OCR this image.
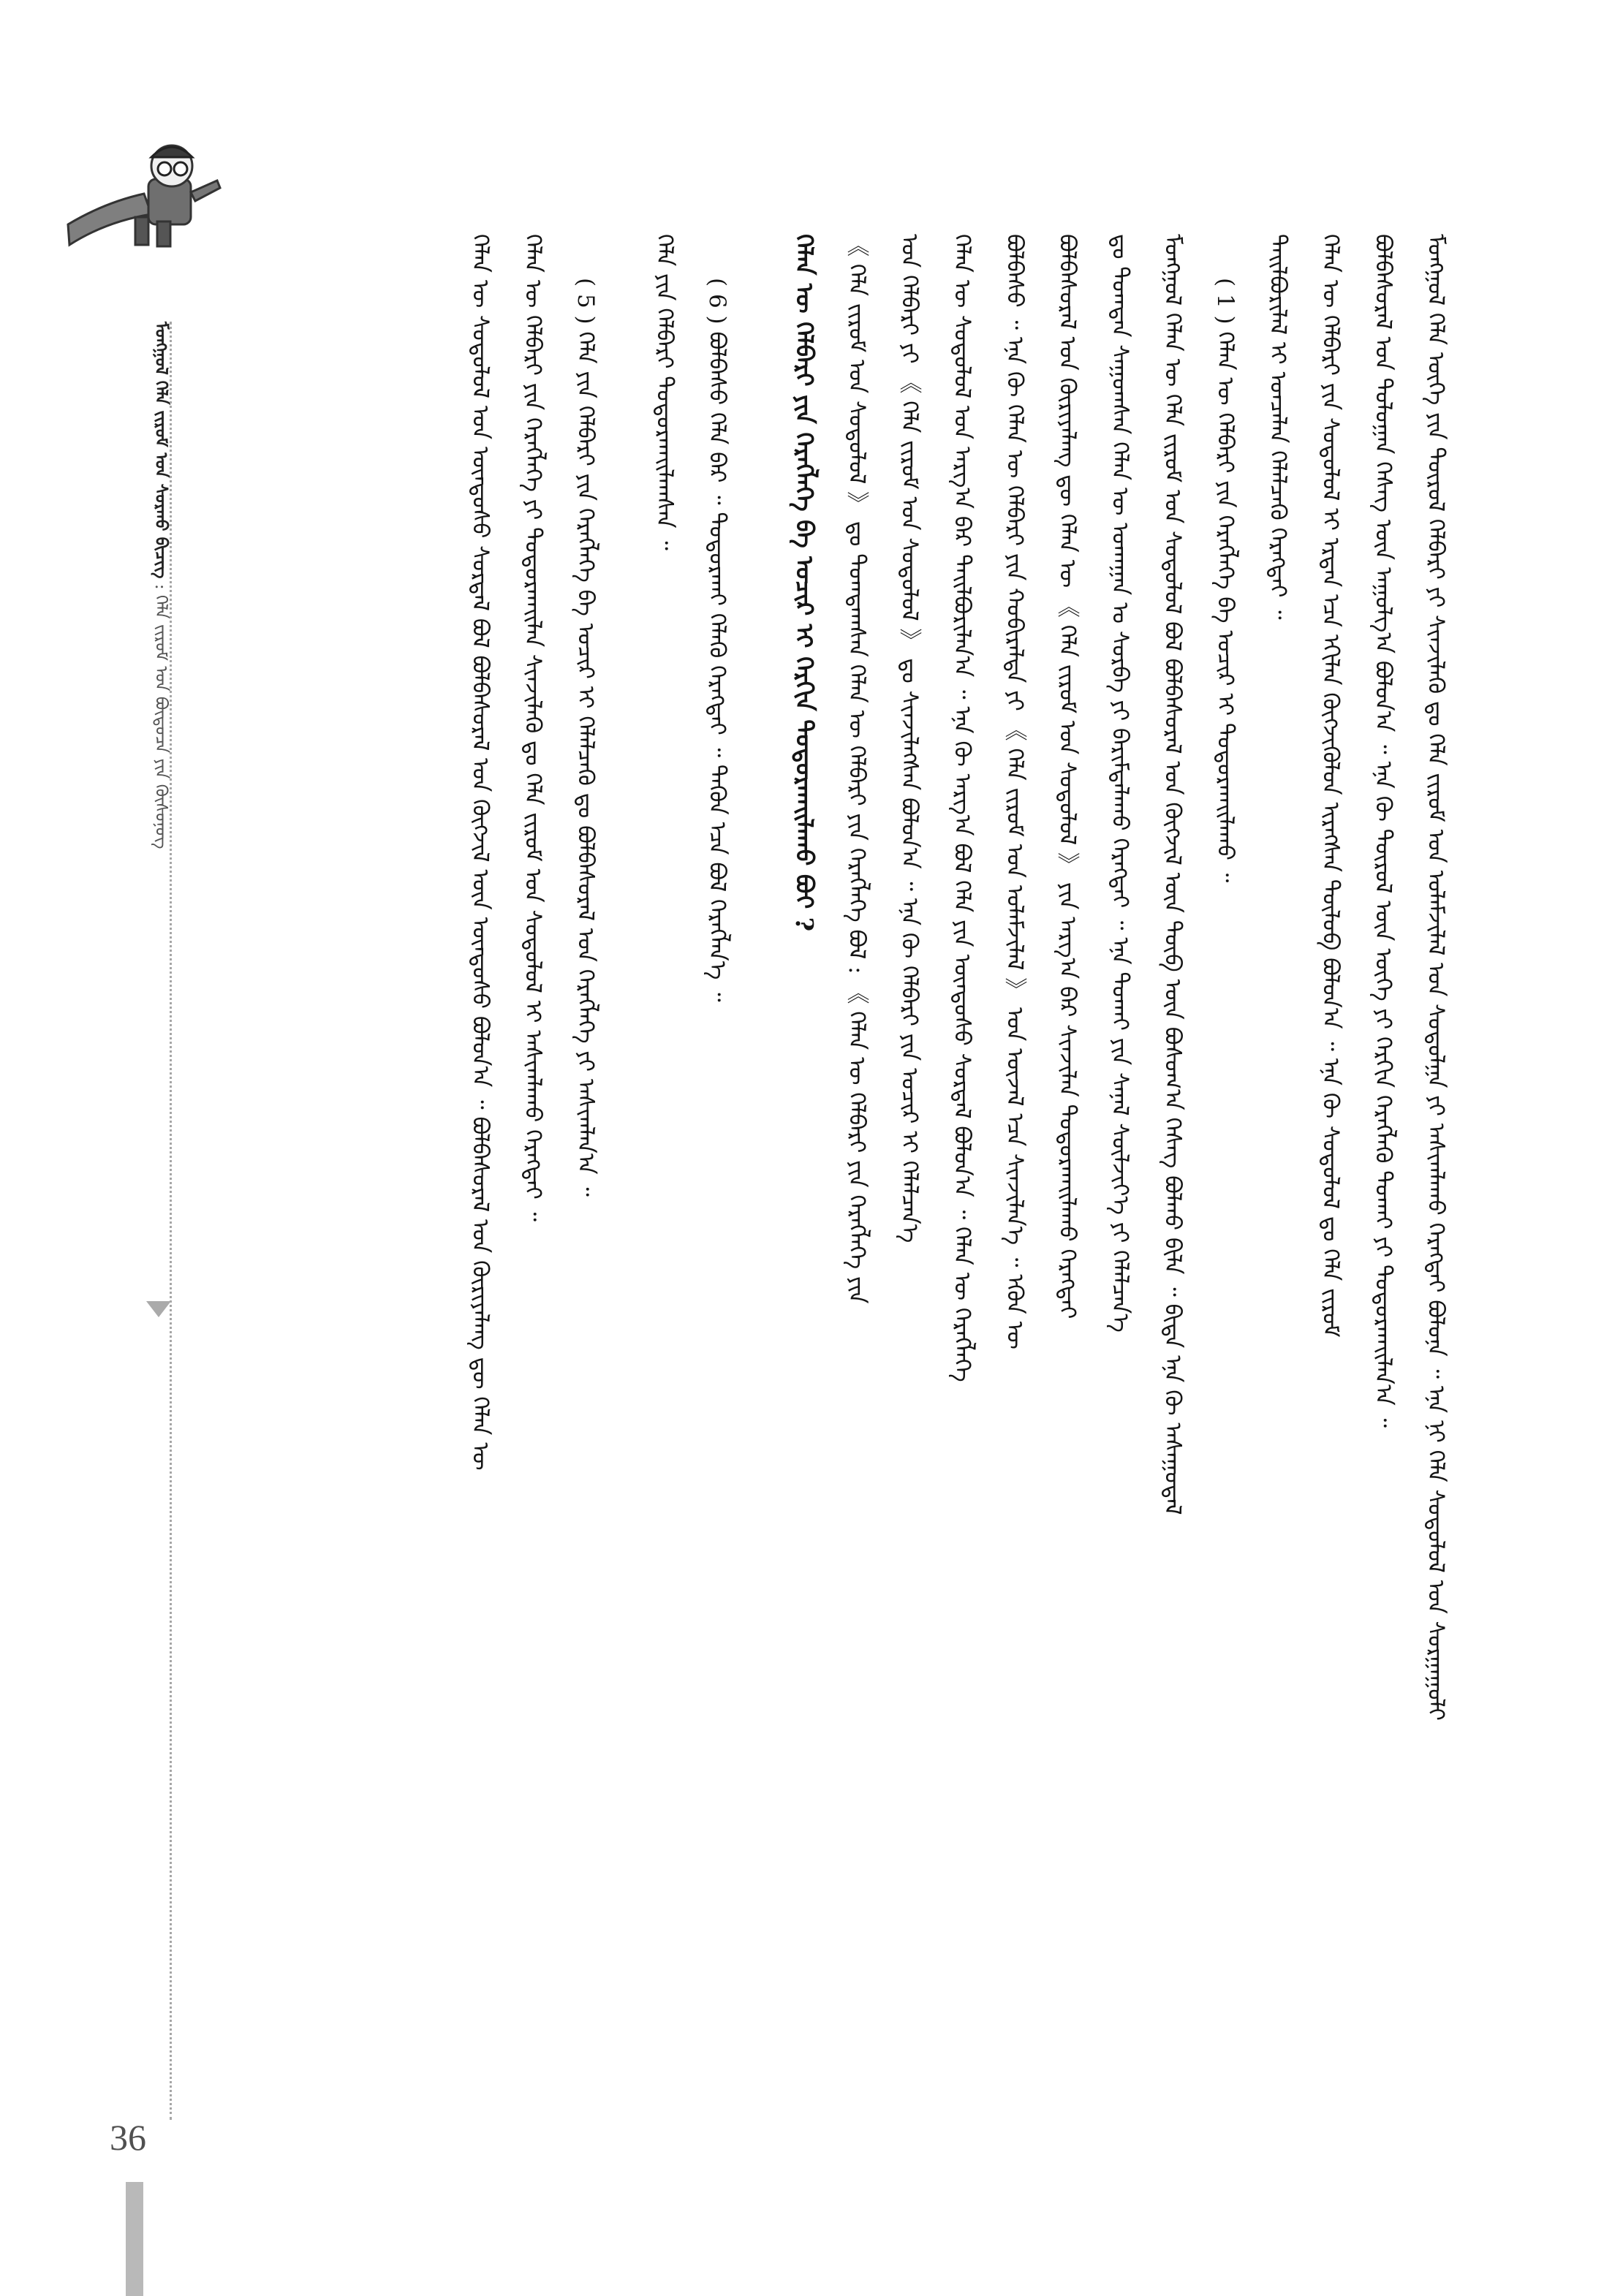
36
ᠮᠣᠩᠭᠣᠯ ᠬᠡᠯᠡ ᠵᠢᠷᠤᠮ ᠤᠨ ᠰᠤᠷᠬᠤ ᠪᠢᠴᠢᠭ : ᠬᠡᠯᠡ ᠵᠢᠷᠤᠮ ᠤᠨ ᠪᠦᠲᠦᠴᠡ ᠶᠢᠨ ᠬᠦᠰᠦᠨᠦᠭ	ᠮᠣᠩᠭᠣᠯ ᠬᠡᠯᠡ ᠦᠭᠡ ᠶᠢᠨ ᠲᠥᠷᠥᠯ ᠬᠡᠯᠪᠡᠷᠢ ᠶᠢ ᠰᠢᠨᠵᠢᠯᠡᠬᠦ ᠳᠤ ᠬᠡᠯᠡ ᠵᠢᠷᠤᠮ ᠤᠨ ᠤᠯᠠᠮᠵᠢᠯᠠᠯ ᠤᠨ ᠰᠤᠳᠤᠯᠭᠠ ᠶᠢ ᠠᠰᠢᠭᠯᠠᠬᠤ ᠬᠡᠷᠡᠭᠲᠡᠢ ᠪᠣᠯᠤᠨᠠ ᠃ ᠡᠨᠡ ᠨᠢ ᠬᠡᠯᠡ ᠰᠤᠳᠤᠯᠤᠯ ᠤᠨ ᠰᠤᠷᠭᠠᠭᠤᠯᠢ
ᠪᠣᠯᠪᠠᠰᠤᠷᠠᠯ ᠤᠨ ᠳᠣᠯᠣᠭᠠᠨ ᠬᠡᠰᠡᠭ ᠦᠨ ᠠᠭᠤᠯᠭ᠎ᠠ ᠪᠣᠯᠤᠨ᠎ᠠ ᠃ ᠡᠨᠡ ᠬᠦ ᠲᠥᠷᠥᠯ ᠦᠨ ᠦᠭᠡ ᠶᠢ ᠬᠡᠷᠬᠢᠨ ᠬᠡᠷᠡᠭᠯᠡᠬᠦ ᠲᠤᠬᠠᠢ ᠶᠢ ᠲᠣᠳᠣᠷᠬᠠᠢᠯᠠᠨ᠎ᠠ ᠃
ᠬᠡᠯᠡᠨ ᠦ ᠬᠡᠯᠪᠡᠷᠢ ᠶᠢᠨ ᠰᠤᠳᠤᠯᠤᠯ ᠢ ᠡᠷᠲᠡᠨ ᠡᠴᠡ ᠡᠬᠢᠯᠡᠨ ᠬᠦᠭᠵᠢᠭᠦᠯᠦᠨ ᠢᠷᠡᠭᠰᠡᠨ ᠲᠥᠯᠥᠪ ᠪᠣᠯᠤᠨ᠎ᠠ ᠃ ᠡᠨᠡ ᠬᠦ ᠰᠤᠳᠤᠯᠤᠯ ᠳᠤ ᠬᠡᠯᠡ ᠵᠢᠷᠤᠮ
ᠲᠠᠢᠯᠪᠤᠷᠢᠯᠠᠯ ᠢ ᠣᠨᠴᠠᠯᠠᠨ ᠬᠡᠯᠡᠯᠴᠡᠬᠦ ᠬᠡᠷᠡᠭᠲᠡᠢ ᠃
( 1 ) ᠬᠡᠯᠡᠨ ᠦ ᠬᠡᠯᠪᠡᠷᠢ ᠶᠢᠨ ᠬᠡᠷᠡᠭᠯᠡᠭᠡ ᠪᠠ ᠤᠴᠢᠷ ᠢ ᠲᠣᠳᠣᠷᠬᠠᠢᠯᠠᠬᠤ ᠃
ᠮᠣᠩᠭᠣᠯ ᠬᠡᠯᠡᠨ ᠦ ᠬᠡᠯᠡ ᠵᠢᠷᠤᠮ ᠤᠨ ᠰᠤᠳᠤᠯᠤᠯ ᠪᠣᠯ ᠪᠣᠯᠪᠠᠰᠤᠷᠠᠯ ᠤᠨ ᠬᠥᠭᠵᠢᠯ ᠦᠨ ᠲᠦᠪ ᠦᠨ ᠪᠣᠰᠤᠭ᠎ᠠ ᠬᠡᠰᠡᠭ ᠪᠣᠯᠬᠤ ᠪᠢᠯᠡ ᠃ ᠪᠢᠳᠡ ᠡᠨᠡ ᠬᠦ ᠠᠰᠠᠭᠤᠳᠠᠯ
ᠳᠤ ᠲᠣᠭᠲᠠᠨ ᠰᠠᠭᠤᠭᠰᠠᠨ ᠬᠡᠯᠡᠨ ᠦ ᠤᠬᠠᠭᠠᠨ ᠤ ᠰᠣᠷᠪᠠ ᠶᠢ ᠪᠠᠷᠢᠮᠲᠠᠯᠠᠬᠤ ᠬᠡᠷᠡᠭᠲᠡᠢ ᠃ ᠡᠨᠡ ᠲᠤᠬᠠᠢ ᠶᠢᠨ ᠰᠠᠨᠠᠯ ᠰᠦᠯᠵᠢᠶ᠎ᠡ ᠶᠢ ᠬᠡᠯᠡᠯᠴᠡᠨ᠎ᠡ
ᠪᠣᠯᠪᠠᠰᠤᠷᠠᠯ ᠤᠨ ᠬᠦᠷᠢᠶᠡᠯᠡᠩ ᠳᠦ ᠬᠡᠯᠡᠨ ᠦ 《 ᠬᠡᠯᠡ ᠵᠢᠷᠤᠮ ᠤᠨ ᠰᠤᠳᠤᠯᠤᠯ 》 ᠶᠢᠨ ᠠᠷᠭ᠎ᠠ ᠪᠠᠷ ᠰᠢᠨᠵᠢᠯᠡᠨ ᠲᠣᠳᠣᠷᠬᠠᠢᠯᠠᠬᠤ ᠬᠡᠷᠡᠭᠲᠡᠢ
ᠪᠣᠯᠪᠠᠰᠤ ᠃ ᠡᠨᠡ ᠬᠦ ᠬᠡᠯᠡᠨ ᠦ ᠬᠡᠯᠪᠡᠷᠢ ᠶᠢᠨ ᠬᠤᠪᠢᠷᠠᠯᠲᠠ ᠶᠢ 《 ᠬᠡᠯᠡ ᠵᠢᠷᠤᠮ ᠤᠨ ᠤᠯᠠᠮᠵᠢᠯᠠᠯ 》 ᠤᠨ ᠦᠵᠡᠯ ᠡᠴᠡ ᠰᠢᠨᠵᠢᠯᠡᠨ᠎ᠡ ᠃ ᠡᠭᠦᠨ ᠦ
ᠬᠡᠯᠡᠨ ᠦ ᠰᠤᠳᠤᠯᠤᠯ ᠤᠨ ᠠᠷᠭ᠎ᠠ ᠪᠠᠷ ᠲᠠᠢᠯᠪᠤᠷᠢᠯᠠᠨ᠎ᠠ ᠃ ᠡᠨᠡ ᠬᠦ ᠠᠷᠭ᠎ᠠ ᠪᠣᠯ ᠬᠡᠯᠡ ᠶᠢᠨ ᠦᠨᠳᠦᠰᠦ ᠰᠤᠷᠲᠠᠯ ᠪᠣᠯᠤᠨ᠎ᠠ ᠃ ᠬᠡᠯᠡᠨ ᠦ ᠬᠡᠷᠡᠭᠯᠡᠭᠡ
ᠤᠨ ᠬᠡᠯᠪᠡᠷᠢ ᠶᠢ 《 ᠬᠡᠯᠡ ᠵᠢᠷᠤᠮ ᠤᠨ ᠰᠤᠳᠤᠯᠤᠯ 》 ᠳᠤ ᠰᠢᠨᠵᠢᠯᠡᠭᠰᠡᠨ ᠪᠣᠯᠤᠨ᠎ᠠ ᠃ ᠡᠨᠡ ᠬᠦ ᠬᠡᠯᠪᠡᠷᠢ ᠶᠢᠨ ᠤᠴᠢᠷ ᠢ ᠬᠡᠯᠡᠯᠴᠡᠨ᠎ᠡ
《 ᠬᠡᠯᠡ ᠵᠢᠷᠤᠮ ᠤᠨ ᠰᠤᠳᠤᠯᠤᠯ 》 ᠳᠤ ᠲᠣᠭᠲᠠᠭᠰᠠᠨ ᠬᠡᠯᠡᠨ ᠦ ᠬᠡᠯᠪᠡᠷᠢ ᠶᠢᠨ ᠬᠡᠷᠡᠭᠯᠡᠭᠡ ᠪᠣᠯ : 《 ᠬᠡᠯᠡᠨ ᠦ ᠬᠡᠯᠪᠡᠷᠢ ᠶᠢᠨ ᠬᠡᠷᠡᠭᠯᠡᠭᠡ ᠶᠢᠨ
ᠬᠡᠯᠡᠨ ᠦ ᠬᠡᠯᠪᠡᠷᠢ ᠶᠢᠨ ᠬᠡᠷᠡᠭᠯᠡᠭᠡ ᠪᠠ ᠤᠴᠢᠷ ᠢ ᠬᠡᠷᠬᠢᠨ ᠲᠣᠳᠣᠷᠬᠠᠢᠯᠠᠬᠤ ᠪᠣᠢ ?
( 6 ) ᠪᠣᠯᠪᠠᠰᠤ ᠬᠡᠯᠡ ᠪᠠᠷ ᠃ ᠲᠣᠳᠣᠷᠬᠠᠢ ᠬᠡᠯᠡᠬᠦ ᠬᠡᠷᠡᠭᠲᠡᠢ ᠃ ᠲᠡᠭᠦᠨ ᠡᠴᠡ ᠪᠣᠯ ᠬᠡᠷᠡᠭᠯᠡᠨ᠎ᠡ ᠃
ᠬᠡᠯᠡ ᠶᠢᠨ ᠬᠡᠯᠪᠡᠷᠢ ᠲᠣᠳᠣᠷᠬᠠᠢᠯᠠᠭᠰᠠᠨ ᠃
( 5 ) ᠬᠡᠯᠡ ᠶᠢᠨ ᠬᠡᠯᠪᠡᠷᠢ ᠶᠢᠨ ᠬᠡᠷᠡᠭᠯᠡᠭᠡ ᠪᠠ ᠤᠴᠢᠷ ᠢ ᠬᠡᠯᠡᠯᠴᠡᠬᠦ ᠳᠤ ᠪᠣᠯᠪᠠᠰᠤᠷᠠᠯ ᠤᠨ ᠬᠡᠷᠡᠭᠯᠡᠭᠡ ᠶᠢ ᠠᠰᠢᠭᠯᠠᠨ᠎ᠠ ᠃
ᠬᠡᠯᠡᠨ ᠦ ᠬᠡᠯᠪᠡᠷᠢ ᠶᠢᠨ ᠬᠡᠷᠡᠭᠯᠡᠭᠡ ᠶᠢ ᠲᠣᠳᠣᠷᠬᠠᠢᠯᠠᠨ ᠰᠢᠨᠵᠢᠯᠡᠬᠦ ᠳᠤ ᠬᠡᠯᠡ ᠵᠢᠷᠤᠮ ᠤᠨ ᠰᠤᠳᠤᠯᠤᠯ ᠢ ᠠᠰᠢᠭᠯᠠᠬᠤ ᠬᠡᠷᠡᠭᠲᠡᠢ ᠃
ᠬᠡᠯᠡᠨ ᠦ ᠰᠤᠳᠤᠯᠤᠯ ᠤᠨ ᠦᠨᠳᠦᠰᠦ ᠰᠤᠷᠲᠠᠯ ᠪᠣᠯ ᠪᠣᠯᠪᠠᠰᠤᠷᠠᠯ ᠤᠨ ᠬᠥᠭᠵᠢᠯ ᠦᠨ ᠦᠨᠳᠦᠰᠦ ᠪᠣᠯᠤᠨ᠎ᠠ ᠃ ᠪᠣᠯᠪᠠᠰᠤᠷᠠᠯ ᠤᠨ ᠬᠦᠷᠢᠶᠡᠯᠡᠩ ᠳᠦ ᠬᠡᠯᠡᠨ ᠦ
